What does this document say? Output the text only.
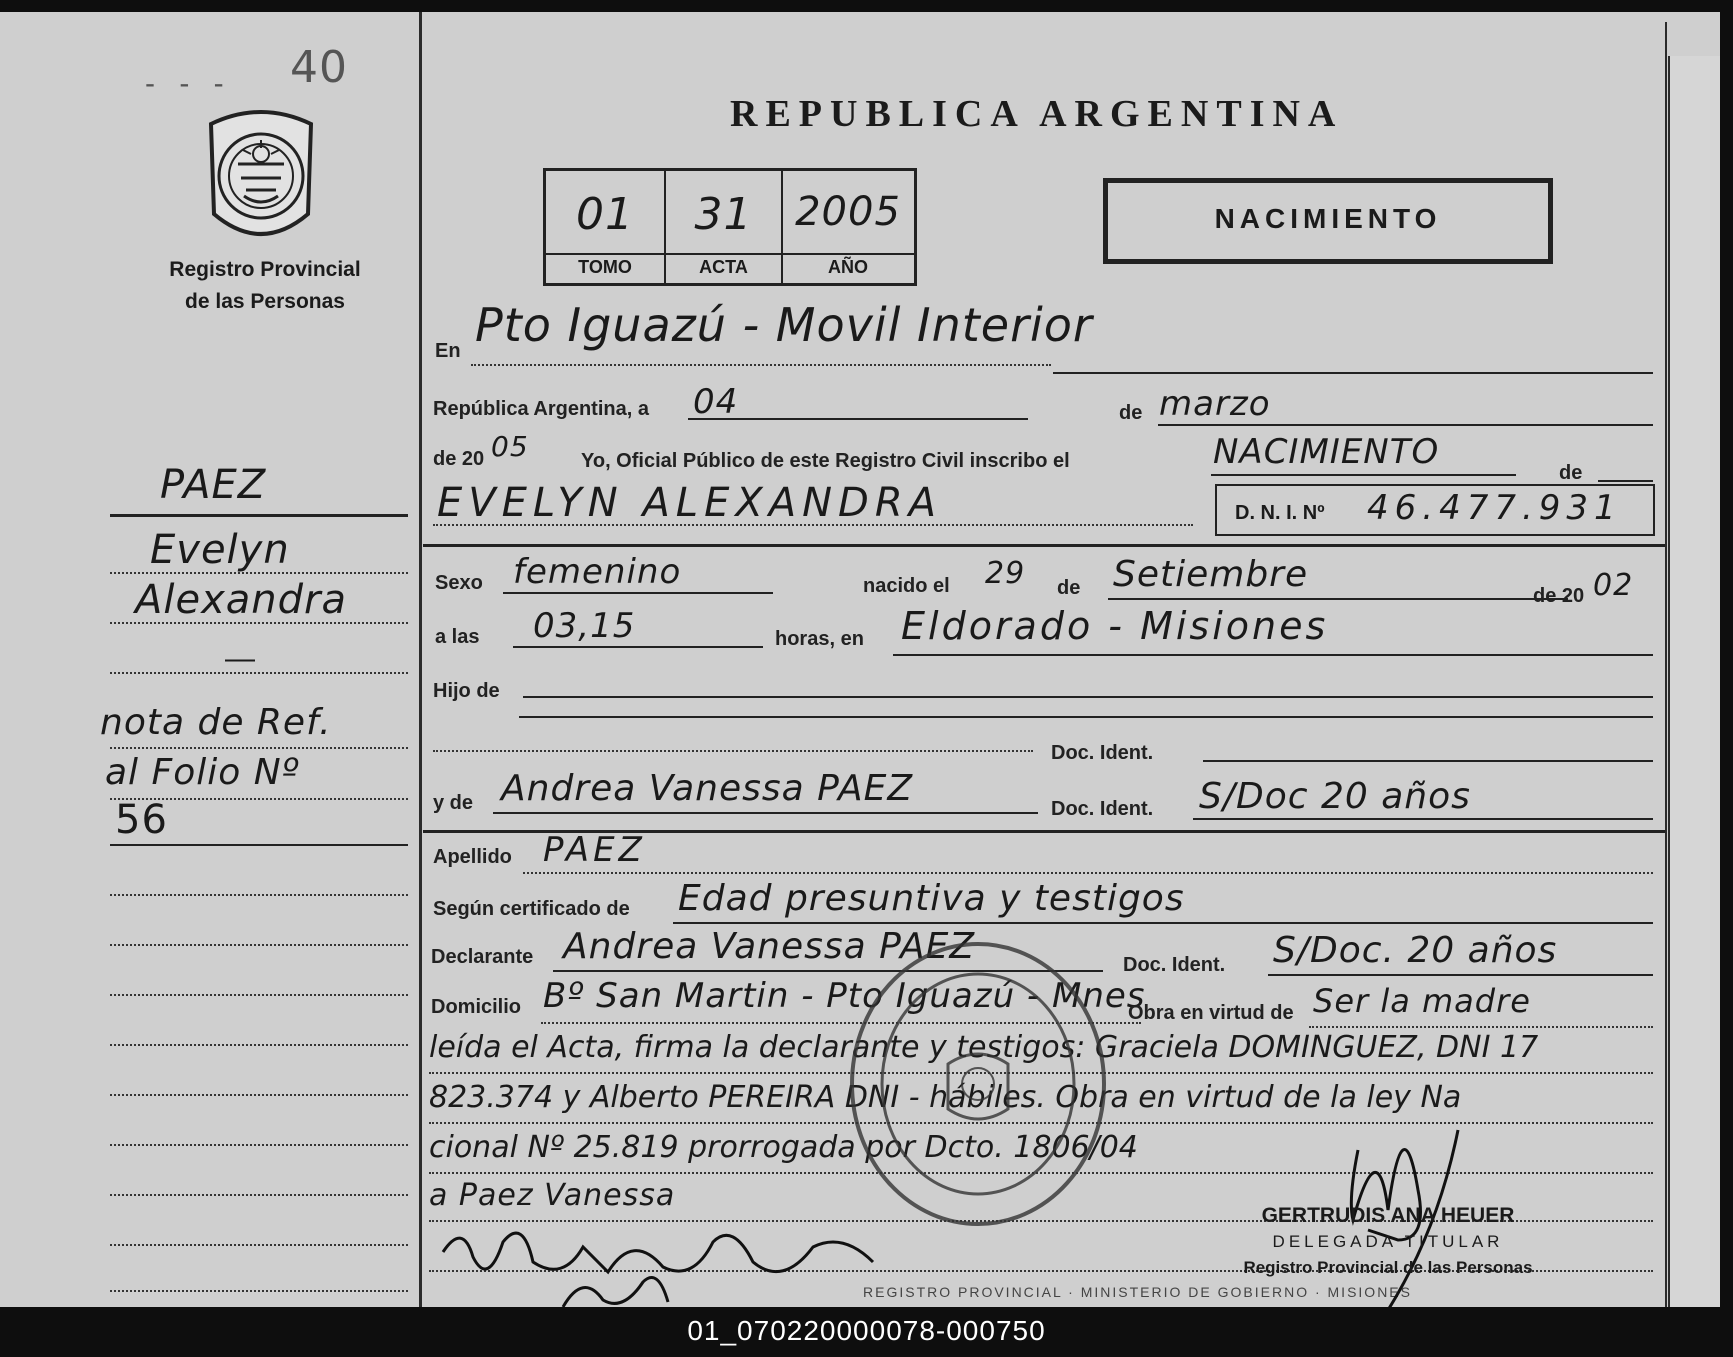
40
- - -
Registro Provincial
de las Personas
PAEZ
Evelyn
Alexandra
—
nota de Ref.
al Folio Nº
56
REPUBLICA ARGENTINA
01	31	2005
TOMO	ACTA	AÑO
NACIMIENTO
En Pto Iguazú - Movil Interior
República Argentina, a 04	de marzo
de 20 05	Yo, Oficial Público de este Registro Civil inscribo el	NACIMIENTO
de
EVELYN ALEXANDRA	D. N. I. Nº 46.477.931
Sexo femenino	nacido el 29 de Setiembre
de 20 02
a las 03,15	horas, en Eldorado - Misiones
Hijo de
Doc. Ident.
y de Andrea Vanessa PAEZ	Doc. Ident. S/Doc 20 años
Apellido PAEZ
Según certificado de Edad presuntiva y testigos
Declarante Andrea Vanessa PAEZ	Doc. Ident. S/Doc. 20 años
Domicilio Bº San Martin - Pto Iguazú - Mnes
Obra en virtud de Ser la madre
leída el Acta, firma la declarante y testigos: Graciela DOMINGUEZ, DNI 17
823.374 y Alberto PEREIRA DNI - hábiles. Obra en virtud de la ley Na
cional Nº 25.819 prorrogada por Dcto. 1806/04
a Paez Vanessa
REGISTRO PROVINCIAL · MINISTERIO DE GOBIERNO · MISIONES
GERTRUDIS ANA HEUER
DELEGADA TITULAR
Registro Provincial de las Personas
01_070220000078-000750
